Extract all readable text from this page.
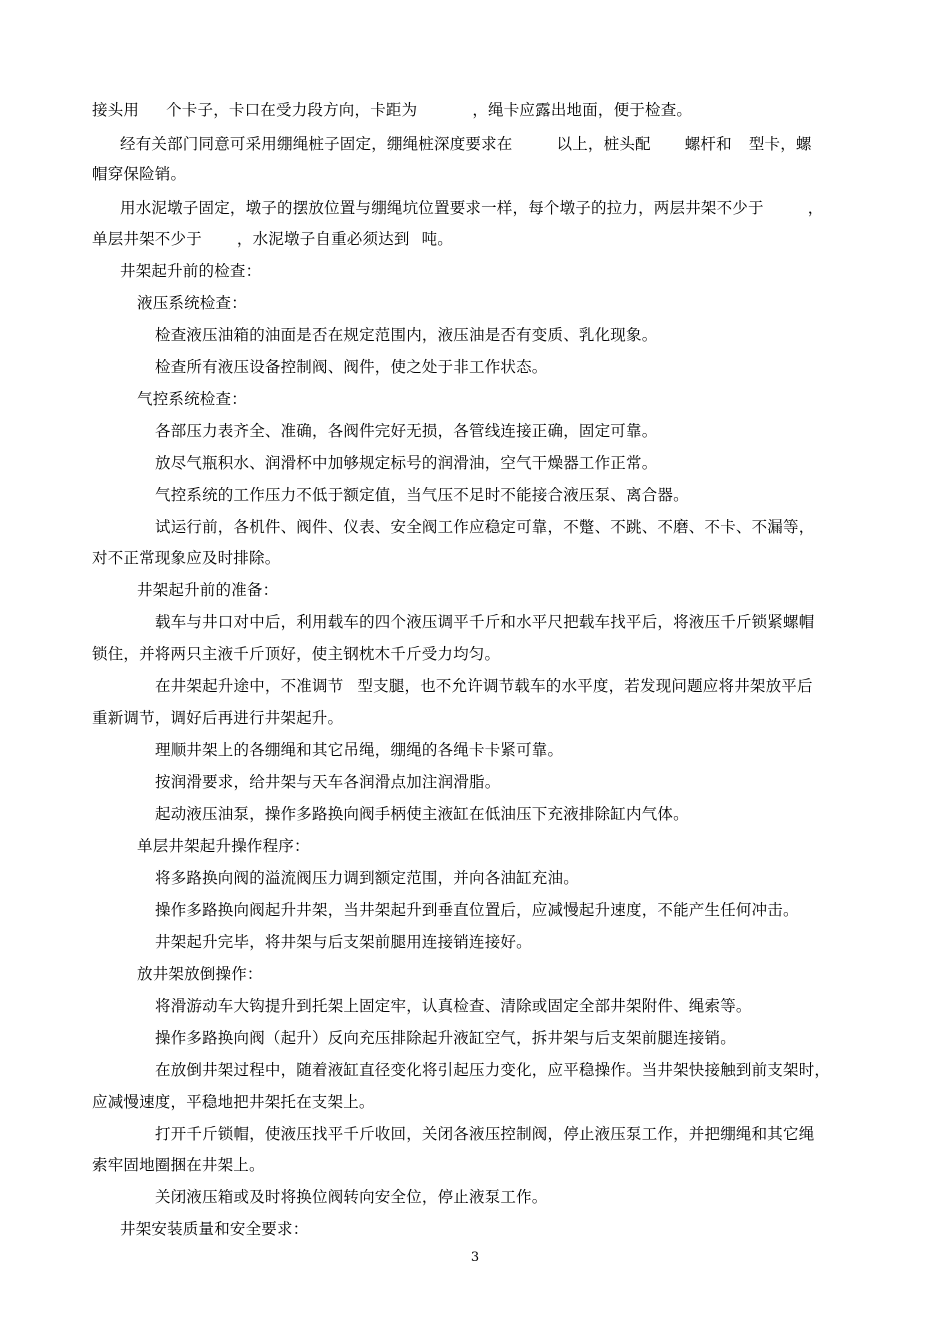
接头用 个卡子，卡口在受力段方向，卡距为	，绳卡应露出地面，便于检查。
经有关部门同意可采用绷绳桩子固定，绷绳桩深度要求在	以上，桩头配 螺杆和 型卡，螺
帽穿保险销。
用水泥墩子固定，墩子的摆放位置与绷绳坑位置要求一样，每个墩子的拉力，两层井架不少于	，
单层井架不少于 ，水泥墩子自重必须达到 吨。
井架起升前的检查：
液压系统检查：
检查液压油箱的油面是否在规定范围内，液压油是否有变质、乳化现象。
检查所有液压设备控制阀、阀件，使之处于非工作状态。
气控系统检查：
各部压力表齐全、准确，各阀件完好无损，各管线连接正确，固定可靠。
放尽气瓶积水、润滑杯中加够规定标号的润滑油，空气干燥器工作正常。
气控系统的工作压力不低于额定值，当气压不足时不能接合液压泵、离合器。
试运行前，各机件、阀件、仪表、安全阀工作应稳定可靠，不蹩、不跳、不磨、不卡、不漏等，
对不正常现象应及时排除。
井架起升前的准备：
载车与井口对中后，利用载车的四个液压调平千斤和水平尺把载车找平后，将液压千斤锁紧螺帽
锁住，并将两只主液千斤顶好，使主钢枕木千斤受力均匀。
在井架起升途中，不准调节 型支腿，也不允许调节载车的水平度，若发现问题应将井架放平后
重新调节，调好后再进行井架起升。
理顺井架上的各绷绳和其它吊绳，绷绳的各绳卡卡紧可靠。
按润滑要求，给井架与天车各润滑点加注润滑脂。
起动液压油泵，操作多路换向阀手柄使主液缸在低油压下充液排除缸内气体。
单层井架起升操作程序：
将多路换向阀的溢流阀压力调到额定范围，并向各油缸充油。
操作多路换向阀起升井架，当井架起升到垂直位置后，应减慢起升速度，不能产生任何冲击。
井架起升完毕，将井架与后支架前腿用连接销连接好。
放井架放倒操作：
将滑游动车大钩提升到托架上固定牢，认真检查、清除或固定全部井架附件、绳索等。
操作多路换向阀（起升）反向充压排除起升液缸空气，拆井架与后支架前腿连接销。
在放倒井架过程中，随着液缸直径变化将引起压力变化，应平稳操作。当井架快接触到前支架时，
应减慢速度，平稳地把井架托在支架上。
打开千斤锁帽，使液压找平千斤收回，关闭各液压控制阀，停止液压泵工作，并把绷绳和其它绳
索牢固地圈捆在井架上。
关闭液压箱或及时将换位阀转向安全位，停止液泵工作。
井架安装质量和安全要求：
3
